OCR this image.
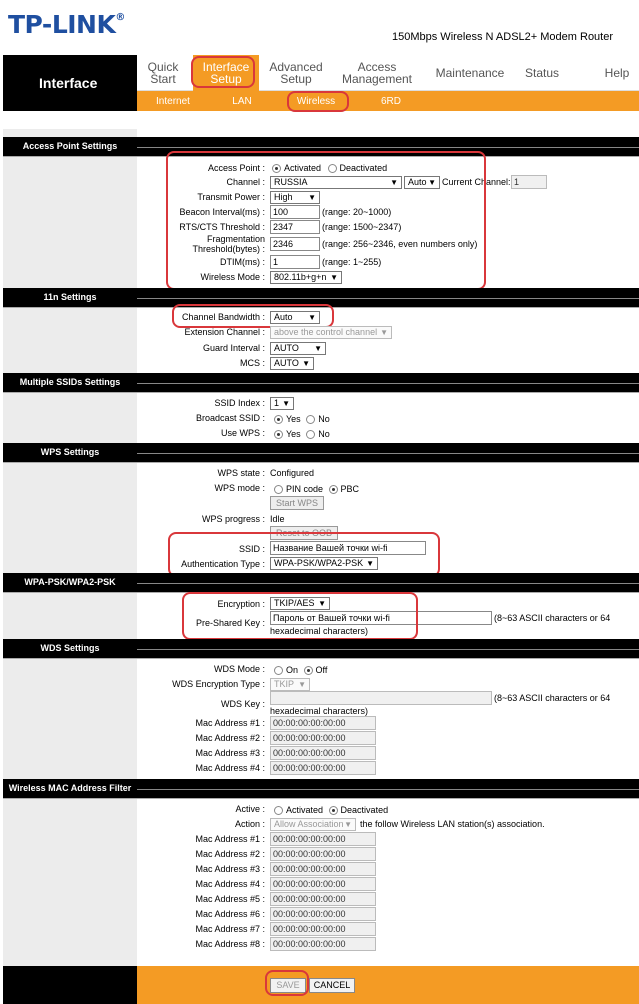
TP-LINK®
150Mbps Wireless N ADSL2+ Modem Router
Interface
Quick
Start
Interface
Setup
Advanced
Setup
Access
Management	Maintenance	Status	Help
Internet	LAN	Wireless	6RD
Access Point Settings
Access Point :	Activated Deactivated
Channel :	RUSSIA	▼	Auto ▼ Current Channel: 1
Transmit Power :	High ▼
Beacon Interval(ms) : 100	(range: 20~1000)
RTS/CTS Threshold : 2347	(range: 1500~2347)
Fragmentation
Threshold(bytes) : 2346	(range: 256~2346, even numbers only)
DTIM(ms) : 1	(range: 1~255)
Wireless Mode :	802.11b+g+n ▼
11n Settings
Channel Bandwidth :	Auto ▼
Extension Channel :	above the control channel ▼
Guard Interval :	AUTO ▼
MCS :	AUTO ▼
Multiple SSIDs Settings
SSID Index :	1 ▼
Broadcast SSID :	Yes No
Use WPS :	Yes No
WPS Settings
WPS state : Configured
WPS mode :	PIN code PBC
Start WPS
WPS progress : Idle
Reset to OOB
SSID : Название Вашей точки wi-fi
Authentication Type :	WPA-PSK/WPA2-PSK ▼
WPA-PSK/WPA2-PSK
Encryption :	TKIP/AES ▼
Pre-Shared Key : Пароль от Вашей точки wi-fi	(8~63 ASCII characters or 64
hexadecimal characters)
WDS Settings
WDS Mode :	On Off
WDS Encryption Type :	TKIP ▼
WDS Key :
(8~63 ASCII characters or 64
hexadecimal characters)
Mac Address #1 : 00:00:00:00:00:00
Mac Address #2 : 00:00:00:00:00:00
Mac Address #3 : 00:00:00:00:00:00
Mac Address #4 : 00:00:00:00:00:00
Wireless MAC Address Filter
Active :	Activated Deactivated
Action :	Allow Association ▼ the follow Wireless LAN station(s) association.
Mac Address #1 : 00:00:00:00:00:00
Mac Address #2 : 00:00:00:00:00:00
Mac Address #3 : 00:00:00:00:00:00
Mac Address #4 : 00:00:00:00:00:00
Mac Address #5 : 00:00:00:00:00:00
Mac Address #6 : 00:00:00:00:00:00
Mac Address #7 : 00:00:00:00:00:00
Mac Address #8 : 00:00:00:00:00:00
SAVE	CANCEL
